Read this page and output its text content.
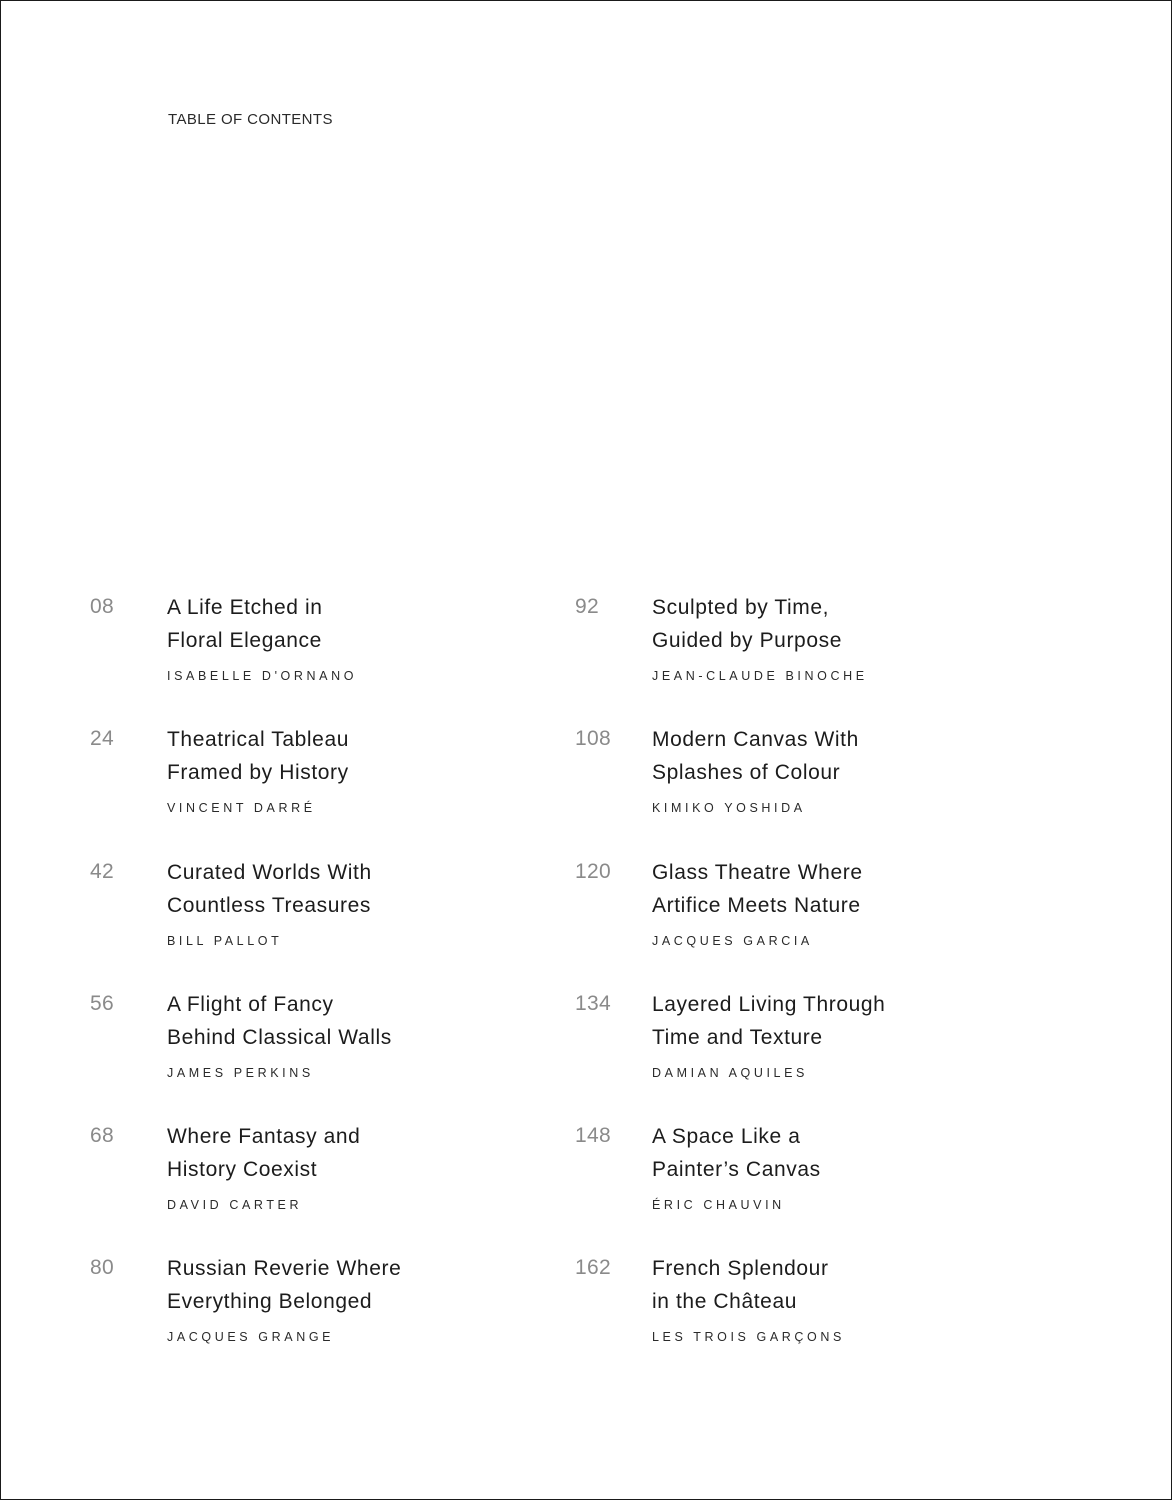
TABLE OF CONTENTS
08	A Life Etched in
Floral Elegance
ISABELLE D'ORNANO
24	Theatrical Tableau
Framed by History
VINCENT DARRÉ
42	Curated Worlds With
Countless Treasures
BILL PALLOT
56	A Flight of Fancy
Behind Classical Walls
JAMES PERKINS
68	Where Fantasy and
History Coexist
DAVID CARTER
80	Russian Reverie Where
Everything Belonged
JACQUES GRANGE
92	Sculpted by Time,
Guided by Purpose
JEAN-CLAUDE BINOCHE
108 Modern Canvas With
Splashes of Colour
KIMIKO YOSHIDA
120 Glass Theatre Where
Artifice Meets Nature
JACQUES GARCIA
134 Layered Living Through
Time and Texture
DAMIAN AQUILES
148 A Space Like a
Painter’s Canvas
ÉRIC CHAUVIN
162 French Splendour
in the Château
LES TROIS GARÇONS
